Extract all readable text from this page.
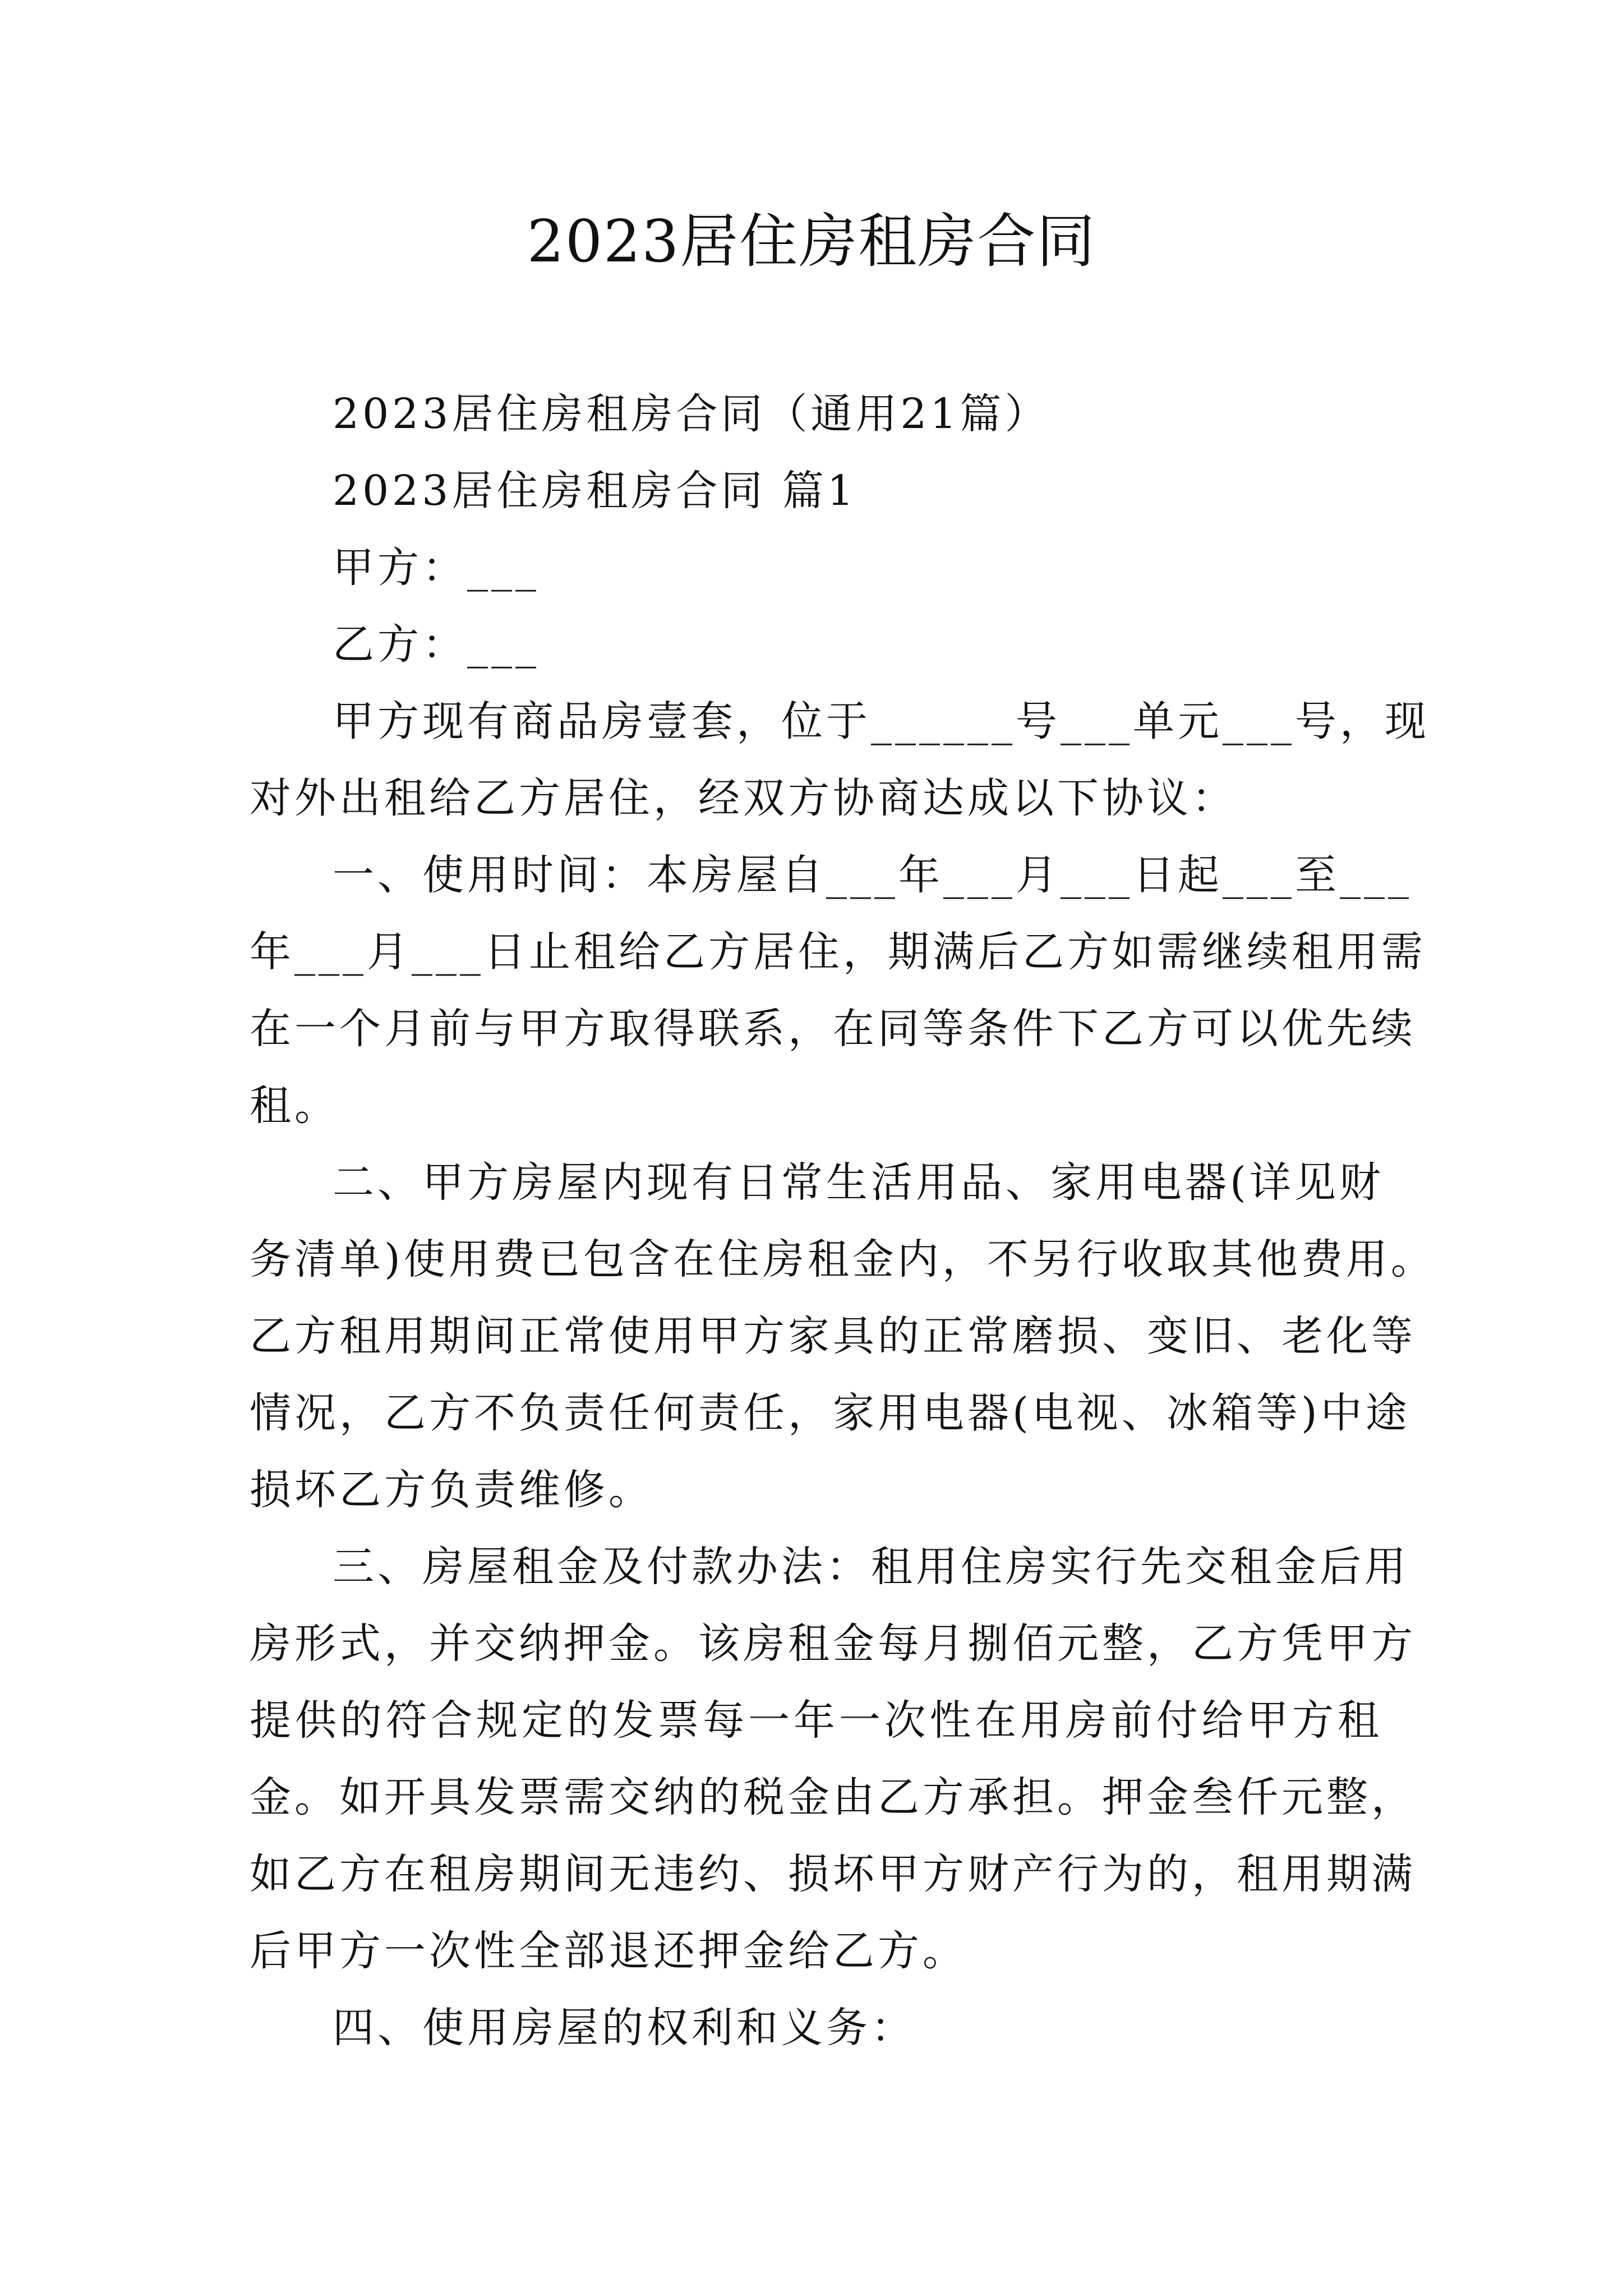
2023居住房租房合同
2023居住房租房合同（通用21篇）
2023居住房租房合同 篇1
甲方：___
乙方：___
甲方现有商品房壹套，位于______号___单元___号，现
对外出租给乙方居住，经双方协商达成以下协议：
一、使用时间：本房屋自___年___月___日起___至___
年___月___日止租给乙方居住，期满后乙方如需继续租用需
在一个月前与甲方取得联系，在同等条件下乙方可以优先续
租。
二、甲方房屋内现有日常生活用品、家用电器(详见财
务清单)使用费已包含在住房租金内，不另行收取其他费用。
乙方租用期间正常使用甲方家具的正常磨损、变旧、老化等
情况，乙方不负责任何责任，家用电器(电视、冰箱等)中途
损坏乙方负责维修。
三、房屋租金及付款办法：租用住房实行先交租金后用
房形式，并交纳押金。该房租金每月捌佰元整，乙方凭甲方
提供的符合规定的发票每一年一次性在用房前付给甲方租
金。如开具发票需交纳的税金由乙方承担。押金叁仟元整，
如乙方在租房期间无违约、损坏甲方财产行为的，租用期满
后甲方一次性全部退还押金给乙方。
四、使用房屋的权利和义务：
